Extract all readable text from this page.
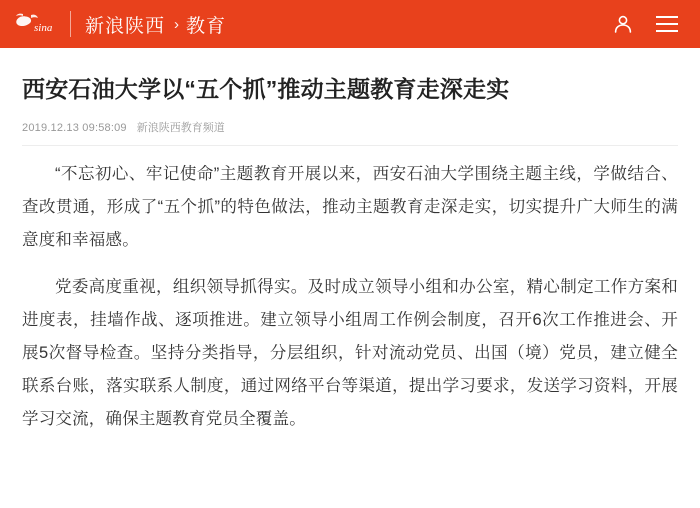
sina 新浪陕西 › 教育
西安石油大学以“五个抓”推动主题教育走深走实
2019.12.13 09:58:09 新浪陕西教育频道

“不忘初心、牢记使命”主题教育开展以来，西安石油大学围绕主题主线，学做结合、查改贯通，形成了“五个抓”的特色做法，推动主题教育走深走实，切实提升广大师生的满意度和幸福感。

党委高度重视，组织领导抓得实。及时成立领导小组和办公室，精心制定工作方案和进度表，挂墙作战、逐项推进。建立领导小组周工作例会制度，召开6次工作推进会、开展5次督导检查。坚持分类指导，分层组织，针对流动党员、出国（境）党员，建立健全联系台账，落实联系人制度，通过网络平台等渠道，提出学习要求，发送学习资料，开展学习交流，确保主题教育党员全覆盖。
